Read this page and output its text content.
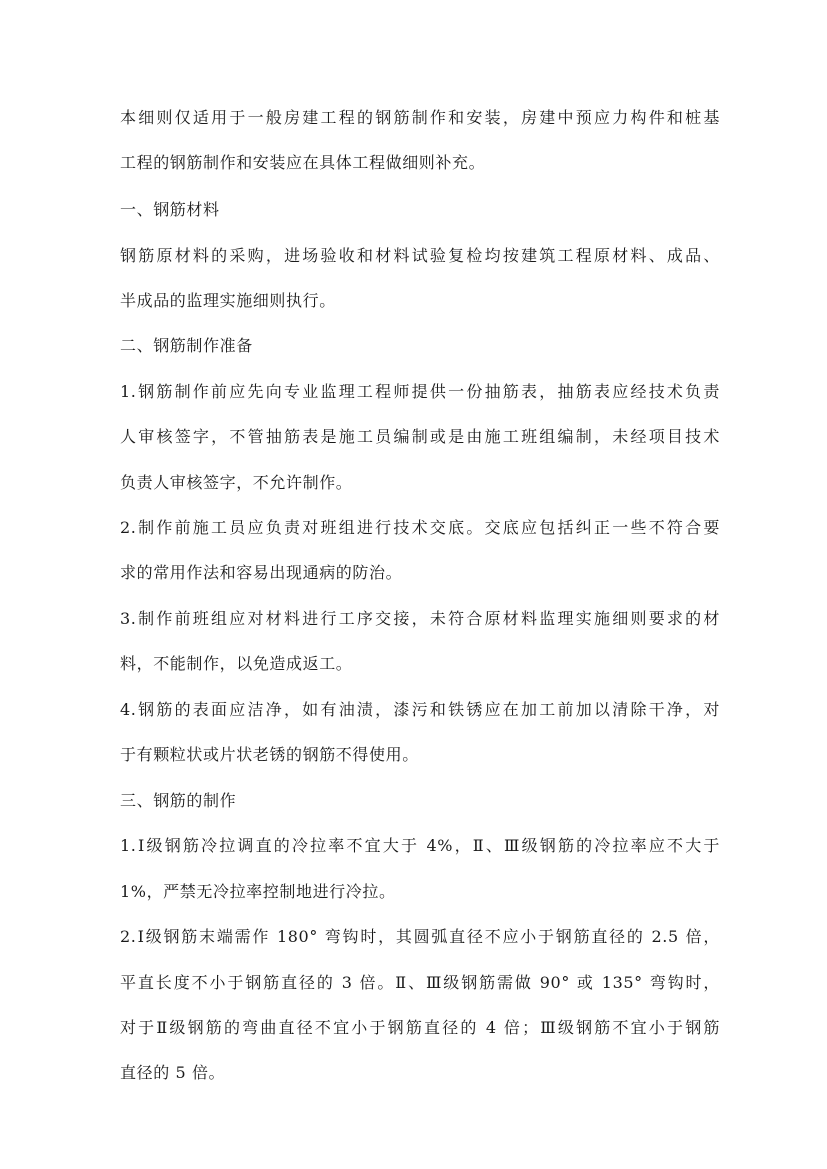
本细则仅适用于一般房建工程的钢筋制作和安装，房建中预应力构件和桩基
工程的钢筋制作和安装应在具体工程做细则补充。
一、钢筋材料
钢筋原材料的采购，进场验收和材料试验复检均按建筑工程原材料、成品、
半成品的监理实施细则执行。
二、钢筋制作准备
1.钢筋制作前应先向专业监理工程师提供一份抽筋表，抽筋表应经技术负责
人审核签字，不管抽筋表是施工员编制或是由施工班组编制，未经项目技术
负责人审核签字，不允许制作。
2.制作前施工员应负责对班组进行技术交底。交底应包括纠正一些不符合要
求的常用作法和容易出现通病的防治。
3.制作前班组应对材料进行工序交接，未符合原材料监理实施细则要求的材
料，不能制作，以免造成返工。
4.钢筋的表面应洁净，如有油渍，漆污和铁锈应在加工前加以清除干净，对
于有颗粒状或片状老锈的钢筋不得使用。
三、钢筋的制作
1.Ⅰ级钢筋冷拉调直的冷拉率不宜大于 4%，Ⅱ、Ⅲ级钢筋的冷拉率应不大于
1%，严禁无冷拉率控制地进行冷拉。
2.Ⅰ级钢筋末端需作 180° 弯钩时，其圆弧直径不应小于钢筋直径的 2.5 倍，
平直长度不小于钢筋直径的 3 倍。Ⅱ、Ⅲ级钢筋需做 90° 或 135° 弯钩时，
对于Ⅱ级钢筋的弯曲直径不宜小于钢筋直径的 4 倍；Ⅲ级钢筋不宜小于钢筋
直径的 5 倍。
